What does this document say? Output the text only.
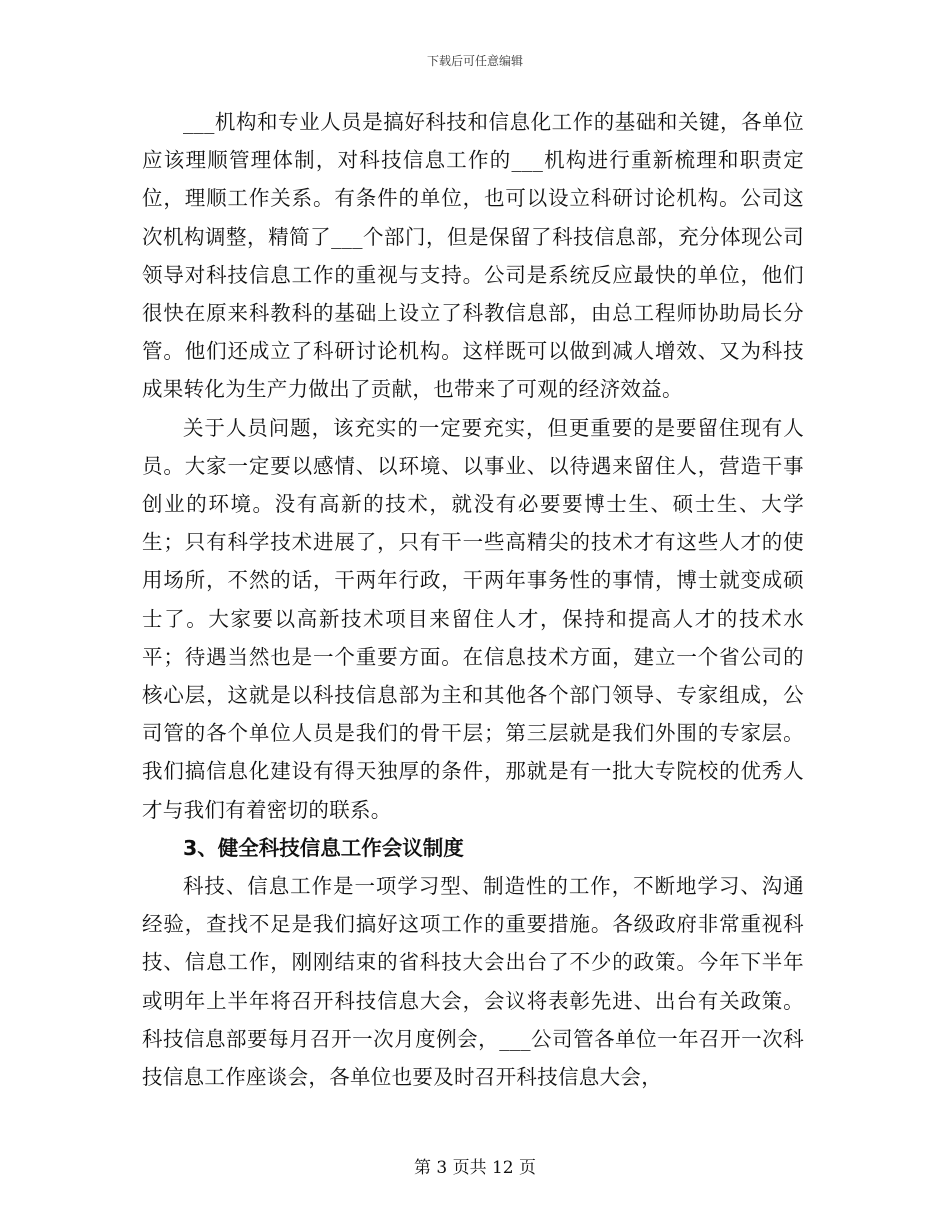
下载后可任意编辑

___机构和专业人员是搞好科技和信息化工作的基础和关键，各单位应该理顺管理体制，对科技信息工作的___机构进行重新梳理和职责定位，理顺工作关系。有条件的单位，也可以设立科研讨论机构。公司这次机构调整，精简了___个部门，但是保留了科技信息部，充分体现公司领导对科技信息工作的重视与支持。公司是系统反应最快的单位，他们很快在原来科教科的基础上设立了科教信息部，由总工程师协助局长分管。他们还成立了科研讨论机构。这样既可以做到减人增效、又为科技成果转化为生产力做出了贡献，也带来了可观的经济效益。

关于人员问题，该充实的一定要充实，但更重要的是要留住现有人员。大家一定要以感情、以环境、以事业、以待遇来留住人，营造干事创业的环境。没有高新的技术，就没有必要要博士生、硕士生、大学生；只有科学技术进展了，只有干一些高精尖的技术才有这些人才的使用场所，不然的话，干两年行政，干两年事务性的事情，博士就变成硕士了。大家要以高新技术项目来留住人才，保持和提高人才的技术水平；待遇当然也是一个重要方面。在信息技术方面，建立一个省公司的核心层，这就是以科技信息部为主和其他各个部门领导、专家组成，公司管的各个单位人员是我们的骨干层；第三层就是我们外围的专家层。我们搞信息化建设有得天独厚的条件，那就是有一批大专院校的优秀人才与我们有着密切的联系。

3、健全科技信息工作会议制度

科技、信息工作是一项学习型、制造性的工作，不断地学习、沟通经验，查找不足是我们搞好这项工作的重要措施。各级政府非常重视科技、信息工作，刚刚结束的省科技大会出台了不少的政策。今年下半年或明年上半年将召开科技信息大会，会议将表彰先进、出台有关政策。科技信息部要每月召开一次月度例会，___公司管各单位一年召开一次科技信息工作座谈会，各单位也要及时召开科技信息大会，

第 3 页共 12 页
